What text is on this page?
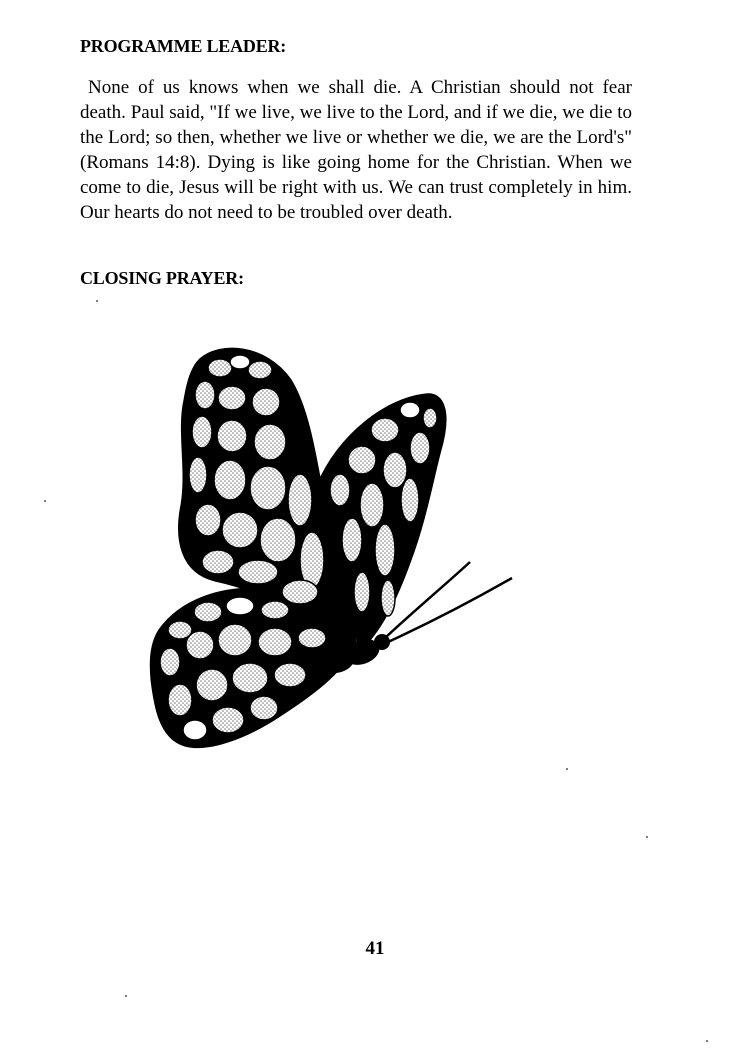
PROGRAMME LEADER:

None of us knows when we shall die. A Christian should not fear death. Paul said, "If we live, we live to the Lord, and if we die, we die to the Lord; so then, whether we live or whether we die, we are the Lord's" (Romans 14:8). Dying is like going home for the Christian. When we come to die, Jesus will be right with us. We can trust completely in him. Our hearts do not need to be troubled over death.

CLOSING PRAYER:

41
